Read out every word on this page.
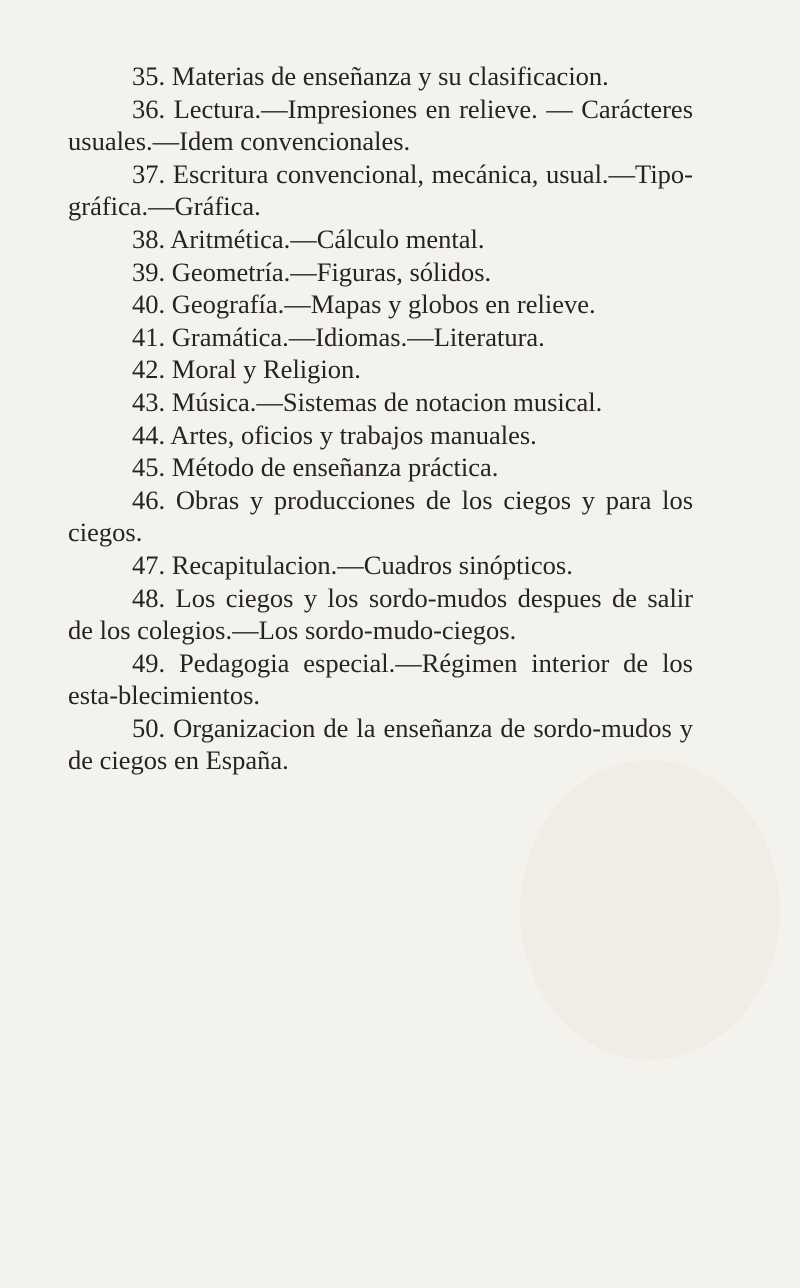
35. Materias de enseñanza y su clasificacion.

36. Lectura.—Impresiones en relieve. — Carácteres usuales.—Idem convencionales.

37. Escritura convencional, mecánica, usual.—Tipo-gráfica.—Gráfica.

38. Aritmética.—Cálculo mental.

39. Geometría.—Figuras, sólidos.

40. Geografía.—Mapas y globos en relieve.

41. Gramática.—Idiomas.—Literatura.

42. Moral y Religion.

43. Música.—Sistemas de notacion musical.

44. Artes, oficios y trabajos manuales.

45. Método de enseñanza práctica.

46. Obras y producciones de los ciegos y para los ciegos.

47. Recapitulacion.—Cuadros sinópticos.

48. Los ciegos y los sordo-mudos despues de salir de los colegios.—Los sordo-mudo-ciegos.

49. Pedagogia especial.—Régimen interior de los esta-blecimientos.

50. Organizacion de la enseñanza de sordo-mudos y de ciegos en España.
